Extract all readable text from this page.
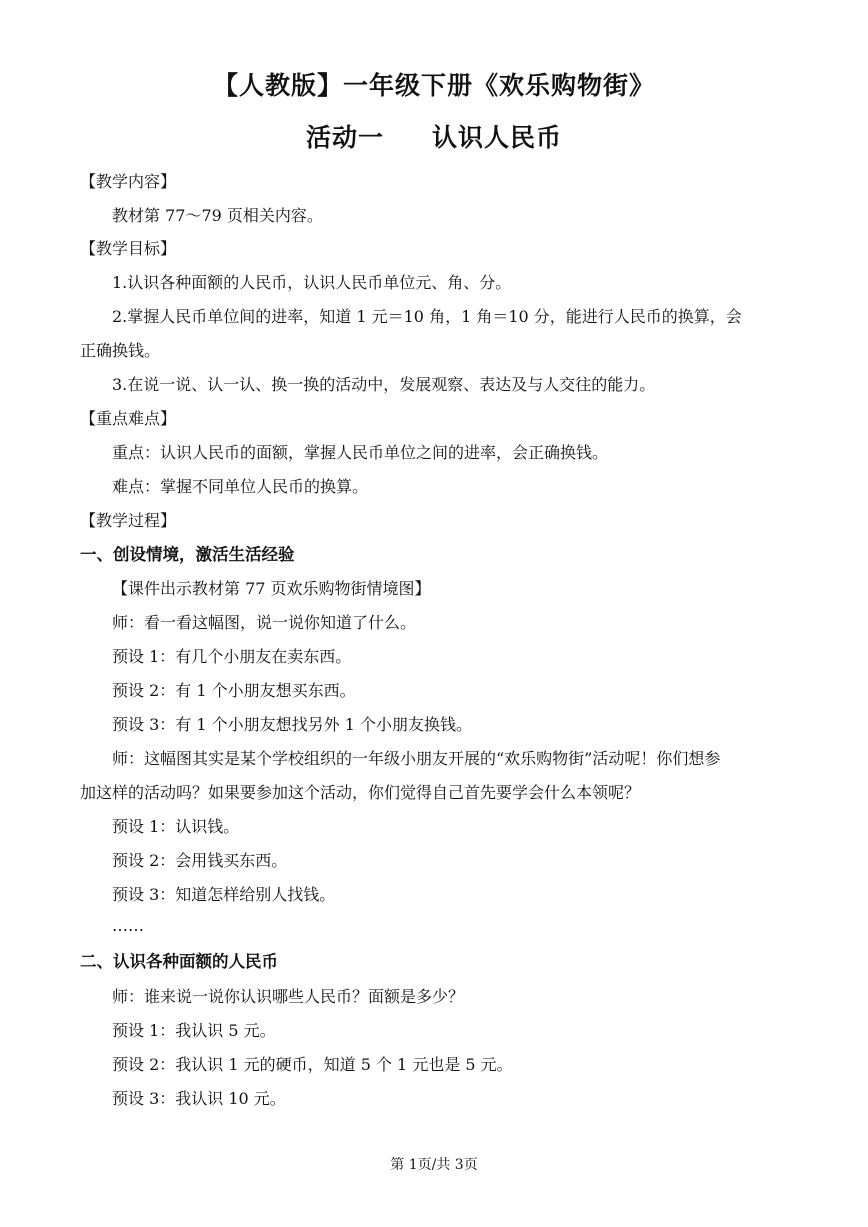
【人教版】一年级下册《欢乐购物街》
活动一 认识人民币
【教学内容】
教材第 77～79 页相关内容。
【教学目标】
1.认识各种面额的人民币，认识人民币单位元、角、分。
2.掌握人民币单位间的进率，知道 1 元＝10 角，1 角＝10 分，能进行人民币的换算，会
正确换钱。
3.在说一说、认一认、换一换的活动中，发展观察、表达及与人交往的能力。
【重点难点】
重点：认识人民币的面额，掌握人民币单位之间的进率，会正确换钱。
难点：掌握不同单位人民币的换算。
【教学过程】
一、创设情境，激活生活经验
【课件出示教材第 77 页欢乐购物街情境图】
师：看一看这幅图，说一说你知道了什么。
预设 1：有几个小朋友在卖东西。
预设 2：有 1 个小朋友想买东西。
预设 3：有 1 个小朋友想找另外 1 个小朋友换钱。
师：这幅图其实是某个学校组织的一年级小朋友开展的“欢乐购物街”活动呢！你们想参
加这样的活动吗？如果要参加这个活动，你们觉得自己首先要学会什么本领呢？
预设 1：认识钱。
预设 2：会用钱买东西。
预设 3：知道怎样给别人找钱。
……
二、认识各种面额的人民币
师：谁来说一说你认识哪些人民币？面额是多少？
预设 1：我认识 5 元。
预设 2：我认识 1 元的硬币，知道 5 个 1 元也是 5 元。
预设 3：我认识 10 元。
第 1页/共 3页
